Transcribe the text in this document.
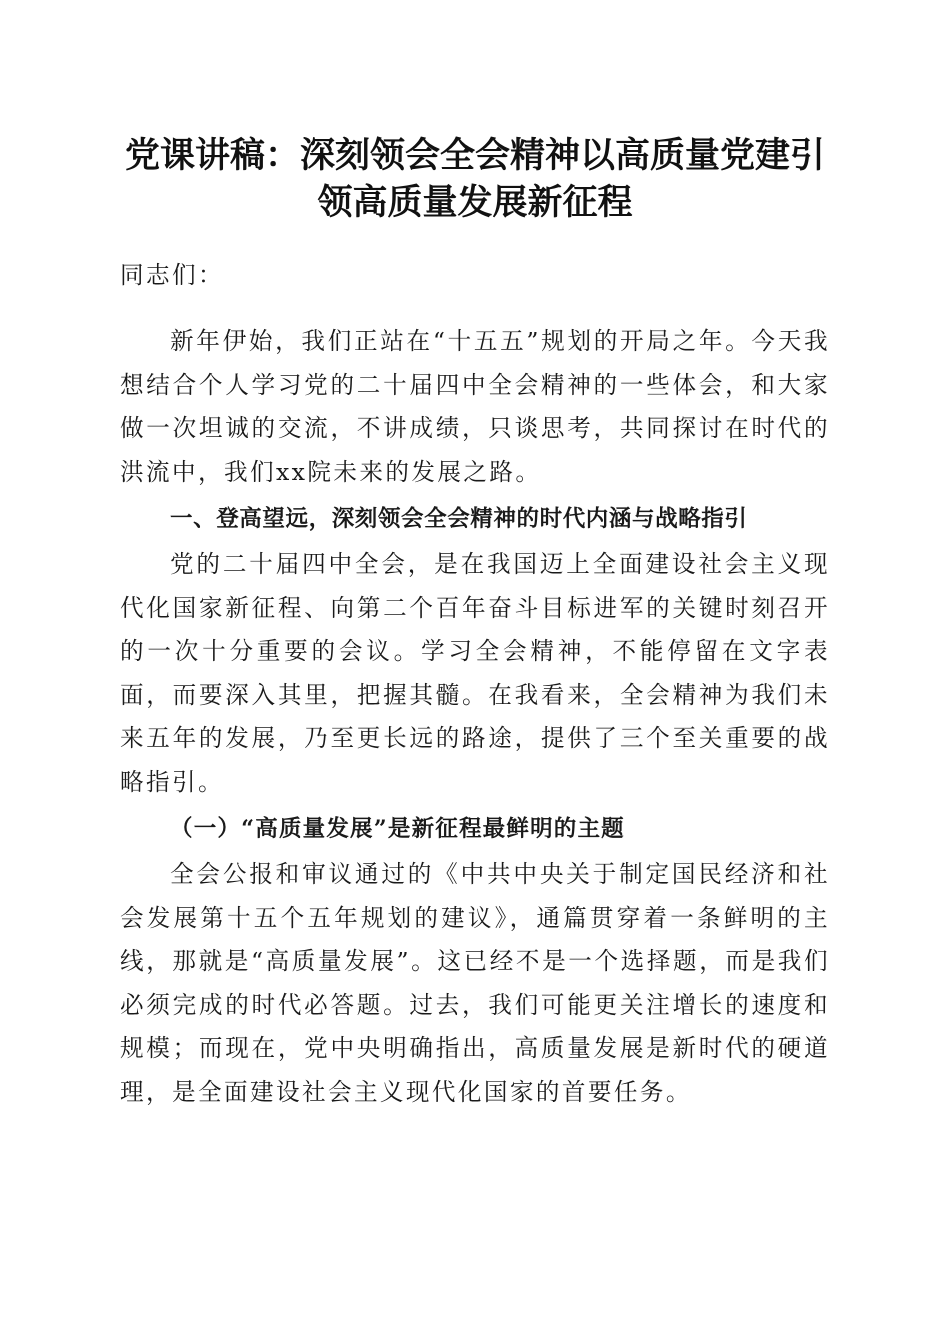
党课讲稿：深刻领会全会精神以高质量党建引领高质量发展新征程

同志们：

新年伊始，我们正站在“十五五”规划的开局之年。今天我想结合个人学习党的二十届四中全会精神的一些体会，和大家做一次坦诚的交流，不讲成绩，只谈思考，共同探讨在时代的洪流中，我们xx院未来的发展之路。

一、登高望远，深刻领会全会精神的时代内涵与战略指引

党的二十届四中全会，是在我国迈上全面建设社会主义现代化国家新征程、向第二个百年奋斗目标进军的关键时刻召开的一次十分重要的会议。学习全会精神，不能停留在文字表面，而要深入其里，把握其髓。在我看来，全会精神为我们未来五年的发展，乃至更长远的路途，提供了三个至关重要的战略指引。

（一）“高质量发展”是新征程最鲜明的主题

全会公报和审议通过的《中共中央关于制定国民经济和社会发展第十五个五年规划的建议》，通篇贯穿着一条鲜明的主线，那就是“高质量发展”。这已经不是一个选择题，而是我们必须完成的时代必答题。过去，我们可能更关注增长的速度和规模；而现在，党中央明确指出，高质量发展是新时代的硬道理，是全面建设社会主义现代化国家的首要任务。
